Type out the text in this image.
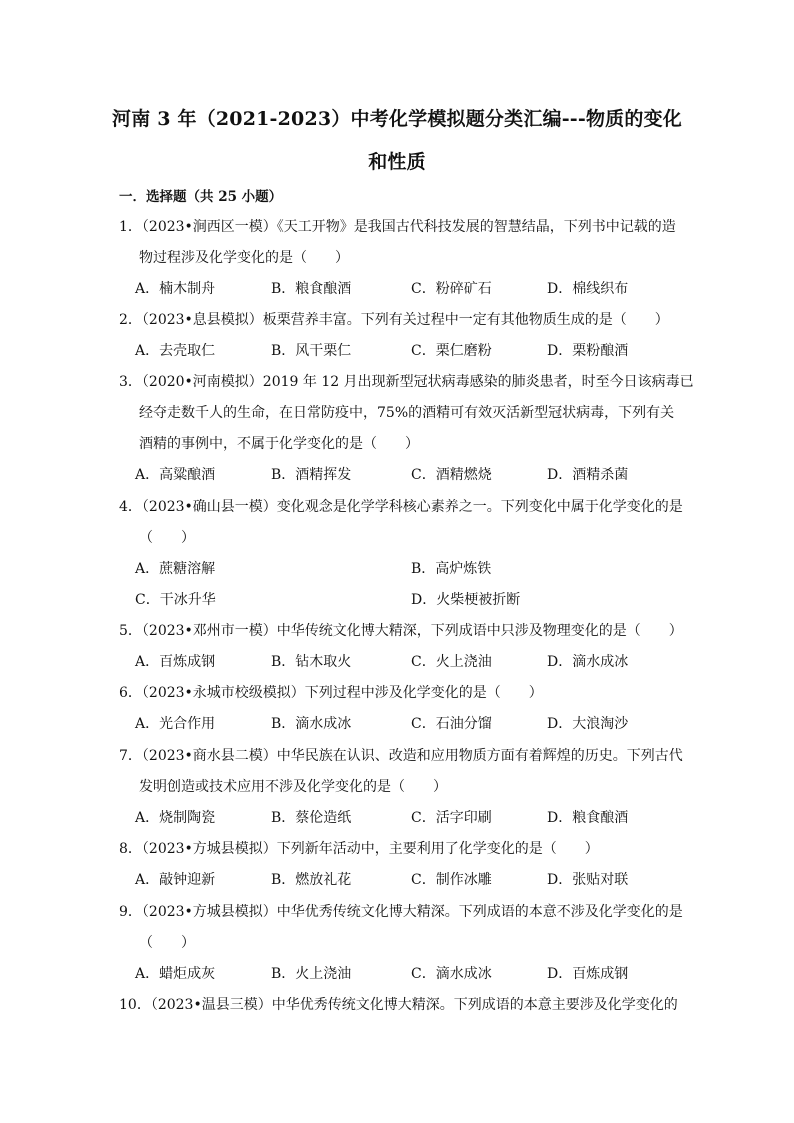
河南 3 年（2021-2023）中考化学模拟题分类汇编---物质的变化
和性质
一．选择题（共 25 小题）
1．（2023•涧西区一模）《天工开物》是我国古代科技发展的智慧结晶，下列书中记载的造
物过程涉及化学变化的是（　　）
A．楠木制舟	B．粮食酿酒	C．粉碎矿石	D．棉线织布
2．（2023•息县模拟）板栗营养丰富。下列有关过程中一定有其他物质生成的是（　　）
A．去壳取仁	B．风干栗仁	C．栗仁磨粉	D．栗粉酿酒
3．（2020•河南模拟）2019 年 12 月出现新型冠状病毒感染的肺炎患者，时至今日该病毒已
经夺走数千人的生命，在日常防疫中，75%的酒精可有效灭活新型冠状病毒，下列有关
酒精的事例中，不属于化学变化的是（　　）
A．高粱酿酒	B．酒精挥发	C．酒精燃烧	D．酒精杀菌
4．（2023•确山县一模）变化观念是化学学科核心素养之一。下列变化中属于化学变化的是
（　　）
A．蔗糖溶解	B．高炉炼铁
C．干冰升华	D．火柴梗被折断
5．（2023•邓州市一模）中华传统文化博大精深，下列成语中只涉及物理变化的是（　　）
A．百炼成钢	B．钻木取火	C．火上浇油	D．滴水成冰
6．（2023•永城市校级模拟）下列过程中涉及化学变化的是（　　）
A．光合作用	B．滴水成冰	C．石油分馏	D．大浪淘沙
7．（2023•商水县二模）中华民族在认识、改造和应用物质方面有着辉煌的历史。下列古代
发明创造或技术应用不涉及化学变化的是（　　）
A．烧制陶瓷	B．蔡伦造纸	C．活字印刷	D．粮食酿酒
8．（2023•方城县模拟）下列新年活动中，主要利用了化学变化的是（　　）
A．敲钟迎新	B．燃放礼花	C．制作冰雕	D．张贴对联
9．（2023•方城县模拟）中华优秀传统文化博大精深。下列成语的本意不涉及化学变化的是
（　　）
A．蜡炬成灰	B．火上浇油	C．滴水成冰	D．百炼成钢
10．（2023•温县三模）中华优秀传统文化博大精深。下列成语的本意主要涉及化学变化的
